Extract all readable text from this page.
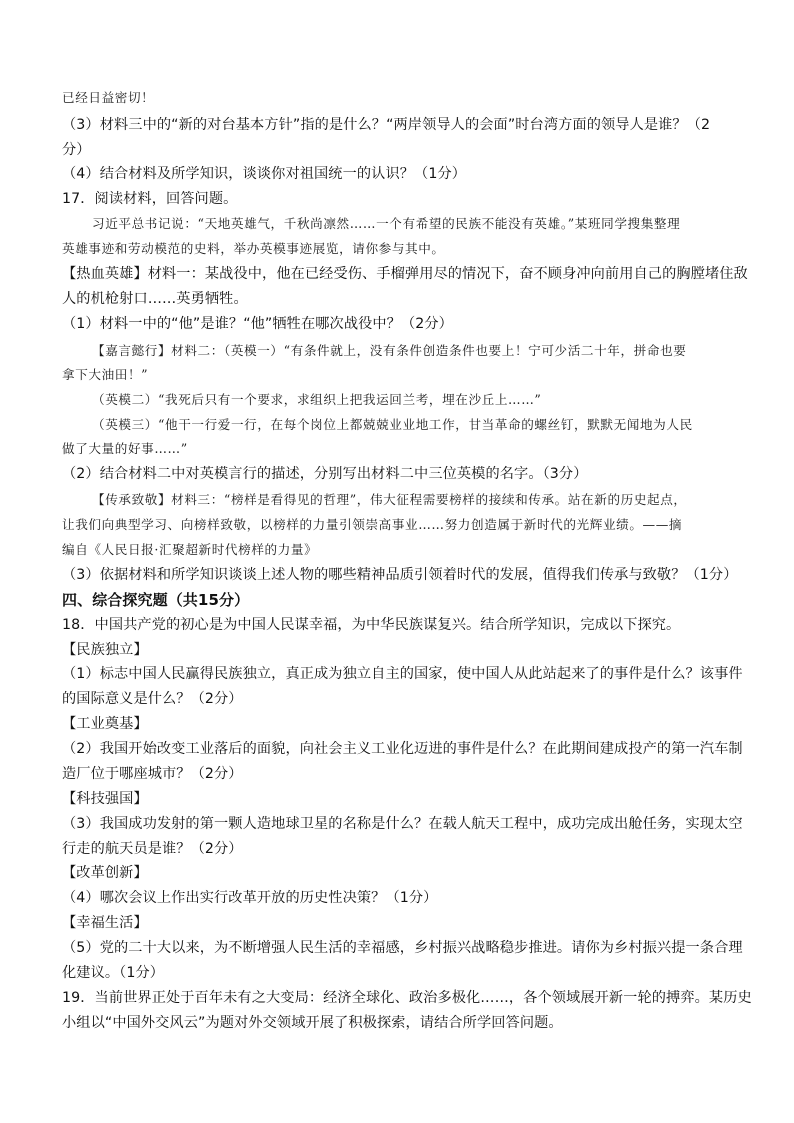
已经日益密切！
（3）材料三中的“新的对台基本方针”指的是什么？“两岸领导人的会面”时台湾方面的领导人是谁？（2
分）
（4）结合材料及所学知识，谈谈你对祖国统一的认识？（1分）
17．阅读材料，回答问题。
习近平总书记说：“天地英雄气，千秋尚凛然……一个有希望的民族不能没有英雄。”某班同学搜集整理
英雄事迹和劳动模范的史料，举办英模事迹展览，请你参与其中。
【热血英雄】材料一：某战役中，他在已经受伤、手榴弹用尽的情况下，奋不顾身冲向前用自己的胸膛堵住敌
人的机枪射口……英勇牺牲。
（1）材料一中的“他”是谁？“他”牺牲在哪次战役中？（2分）
【嘉言懿行】材料二：（英模一）“有条件就上，没有条件创造条件也要上！宁可少活二十年，拼命也要
拿下大油田！”
（英模二）“我死后只有一个要求，求组织上把我运回兰考，埋在沙丘上……”
（英模三）“他干一行爱一行，在每个岗位上都兢兢业业地工作，甘当革命的螺丝钉，默默无闻地为人民
做了大量的好事……”
（2）结合材料二中对英模言行的描述，分别写出材料二中三位英模的名字。（3分）
【传承致敬】材料三：“榜样是看得见的哲理”，伟大征程需要榜样的接续和传承。站在新的历史起点，
让我们向典型学习、向榜样致敬，以榜样的力量引领崇高事业……努力创造属于新时代的光辉业绩。——摘
编自《人民日报·汇聚超新时代榜样的力量》
（3）依据材料和所学知识谈谈上述人物的哪些精神品质引领着时代的发展，值得我们传承与致敬？（1分）
四、综合探究题（共15分）
18．中国共产党的初心是为中国人民谋幸福，为中华民族谋复兴。结合所学知识，完成以下探究。
【民族独立】
（1）标志中国人民赢得民族独立，真正成为独立自主的国家，使中国人从此站起来了的事件是什么？该事件
的国际意义是什么？（2分）
【工业奠基】
（2）我国开始改变工业落后的面貌，向社会主义工业化迈进的事件是什么？在此期间建成投产的第一汽车制
造厂位于哪座城市？（2分）
【科技强国】
（3）我国成功发射的第一颗人造地球卫星的名称是什么？在载人航天工程中，成功完成出舱任务，实现太空
行走的航天员是谁？（2分）
【改革创新】
（4）哪次会议上作出实行改革开放的历史性决策？（1分）
【幸福生活】
（5）党的二十大以来，为不断增强人民生活的幸福感，乡村振兴战略稳步推进。请你为乡村振兴提一条合理
化建议。（1分）
19．当前世界正处于百年未有之大变局：经济全球化、政治多极化……，各个领域展开新一轮的搏弈。某历史
小组以“中国外交风云”为题对外交领域开展了积极探索，请结合所学回答问题。
